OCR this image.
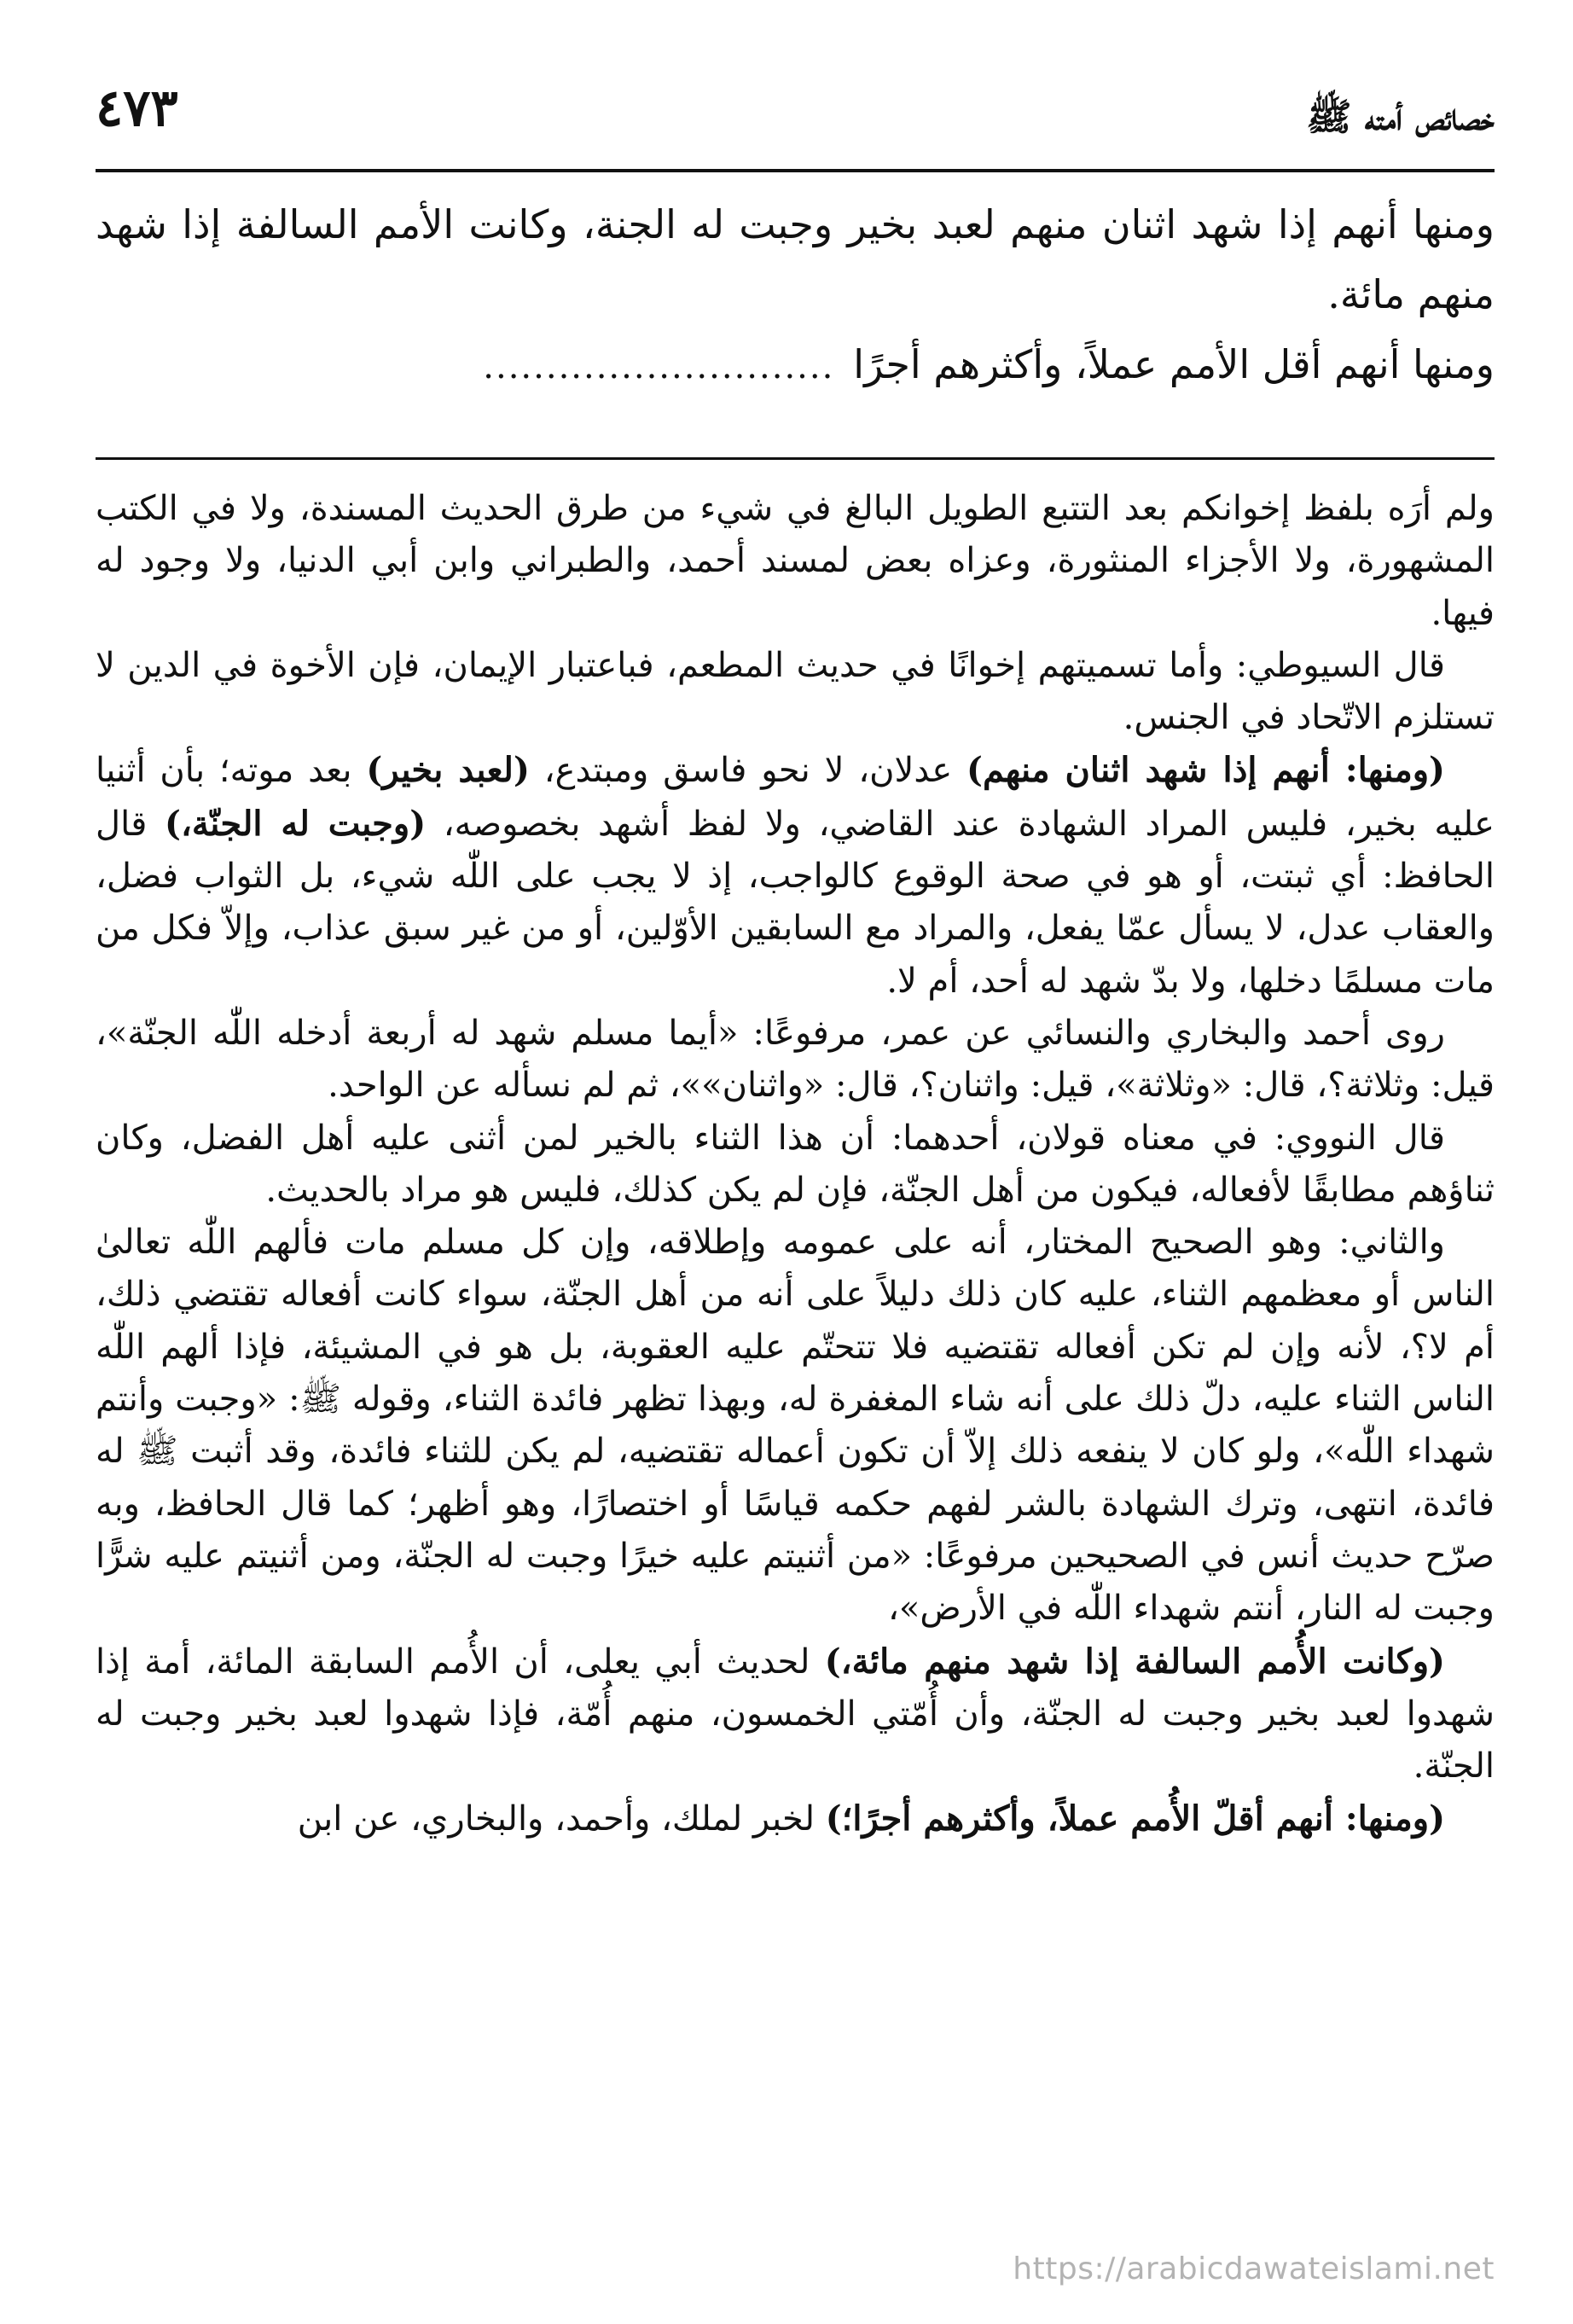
خصائص أمته ﷺ
٤٧٣

ومنها أنهم إذا شهد اثنان منهم لعبد بخير وجبت له الجنة، وكانت الأمم السالفة إذا شهد منهم مائة.

ومنها أنهم أقل الأمم عملاً، وأكثرهم أجرًا
............................

ولم أرَه بلفظ إخوانكم بعد التتبع الطويل البالغ في شيء من طرق الحديث المسندة، ولا في الكتب المشهورة، ولا الأجزاء المنثورة، وعزاه بعض لمسند أحمد، والطبراني وابن أبي الدنيا، ولا وجود له فيها.

قال السيوطي: وأما تسميتهم إخوانًا في حديث المطعم، فباعتبار الإيمان، فإن الأخوة في الدين لا تستلزم الاتّحاد في الجنس.

(ومنها: أنهم إذا شهد اثنان منهم) عدلان، لا نحو فاسق ومبتدع، (لعبد بخير) بعد موته؛ بأن أثنيا عليه بخير، فليس المراد الشهادة عند القاضي، ولا لفظ أشهد بخصوصه، (وجبت له الجنّة،) قال الحافظ: أي ثبتت، أو هو في صحة الوقوع كالواجب، إذ لا يجب على اللّٰه شيء، بل الثواب فضل، والعقاب عدل، لا يسأل عمّا يفعل، والمراد مع السابقين الأوّلين، أو من غير سبق عذاب، وإلاّ فكل من مات مسلمًا دخلها، ولا بدّ شهد له أحد، أم لا.

روى أحمد والبخاري والنسائي عن عمر، مرفوعًا: «أيما مسلم شهد له أربعة أدخله اللّٰه الجنّة»، قيل: وثلاثة؟، قال: «وثلاثة»، قيل: واثنان؟، قال: «واثنان»»، ثم لم نسأله عن الواحد.

قال النووي: في معناه قولان، أحدهما: أن هذا الثناء بالخير لمن أثنى عليه أهل الفضل، وكان ثناؤهم مطابقًا لأفعاله، فيكون من أهل الجنّة، فإن لم يكن كذلك، فليس هو مراد بالحديث.

والثاني: وهو الصحيح المختار، أنه على عمومه وإطلاقه، وإن كل مسلم مات فألهم اللّٰه تعالىٰ الناس أو معظمهم الثناء، عليه كان ذلك دليلاً على أنه من أهل الجنّة، سواء كانت أفعاله تقتضي ذلك، أم لا؟، لأنه وإن لم تكن أفعاله تقتضيه فلا تتحتّم عليه العقوبة، بل هو في المشيئة، فإذا ألهم اللّٰه الناس الثناء عليه، دلّ ذلك على أنه شاء المغفرة له، وبهذا تظهر فائدة الثناء، وقوله ﷺ: «وجبت وأنتم شهداء اللّٰه»، ولو كان لا ينفعه ذلك إلاّ أن تكون أعماله تقتضيه، لم يكن للثناء فائدة، وقد أثبت ﷺ له فائدة، انتهى، وترك الشهادة بالشر لفهم حكمه قياسًا أو اختصارًا، وهو أظهر؛ كما قال الحافظ، وبه صرّح حديث أنس في الصحيحين مرفوعًا: «من أثنيتم عليه خيرًا وجبت له الجنّة، ومن أثنيتم عليه شرًّا وجبت له النار، أنتم شهداء اللّٰه في الأرض»،

(وكانت الأُمم السالفة إذا شهد منهم مائة،) لحديث أبي يعلى، أن الأُمم السابقة المائة، أمة إذا شهدوا لعبد بخير وجبت له الجنّة، وأن أُمّتي الخمسون، منهم أُمّة، فإذا شهدوا لعبد بخير وجبت له الجنّة.

(ومنها: أنهم أقلّ الأُمم عملاً، وأكثرهم أجرًا؛) لخبر لملك، وأحمد، والبخاري، عن ابن

https://arabicdawateislami.net
